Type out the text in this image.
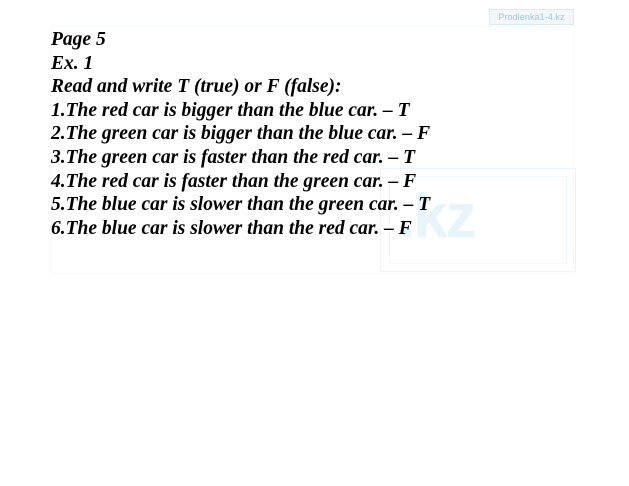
.kz
Prodlenka1-4.kz
Page 5
Ex. 1
Read and write T (true) or F (false):
1.The red car is bigger than the blue car. – T
2.The green car is bigger than the blue car. – F
3.The green car is faster than the red car. – T
4.The red car is faster than the green car. – F
5.The blue car is slower than the green car. – T
6.The blue car is slower than the red car. – F
